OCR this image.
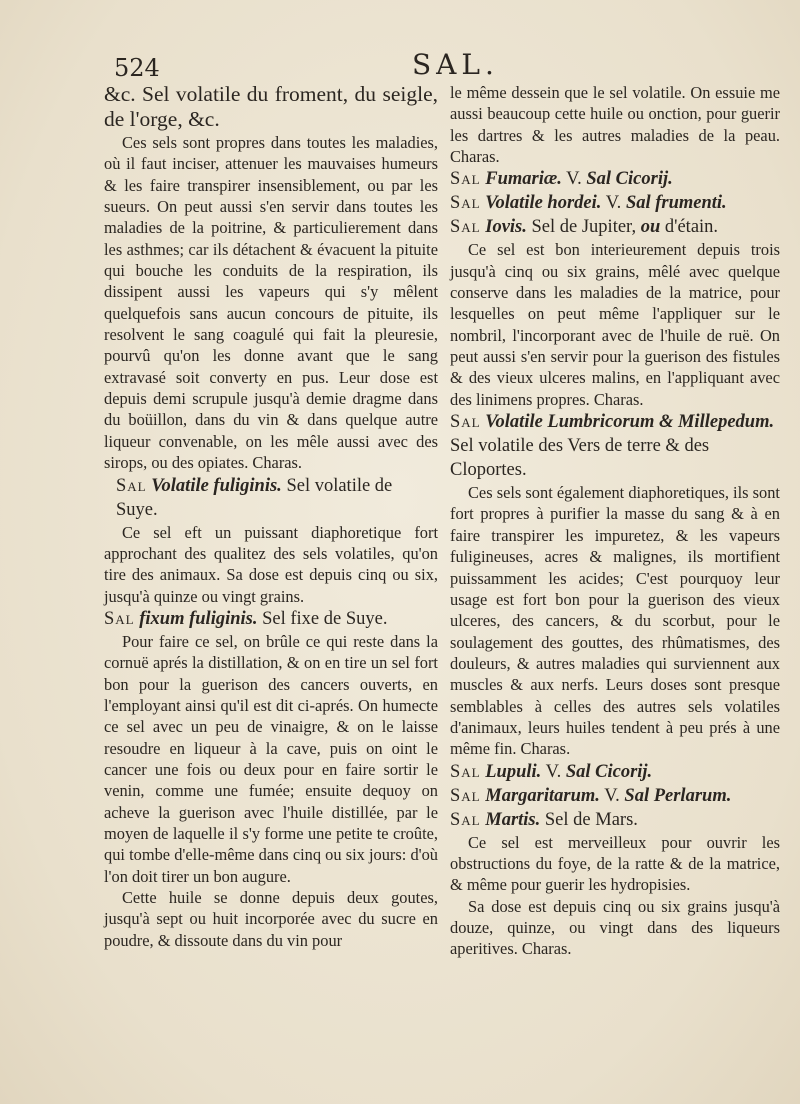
524	SAL.

&c. Sel volatile du froment, du seigle, de l'orge, &c.

Ces sels sont propres dans toutes les maladies, où il faut inciser, attenuer les mauvaises humeurs & les faire transpirer insensiblement, ou par les sueurs. On peut aussi s'en servir dans toutes les maladies de la poitrine, & particulierement dans les asthmes; car ils détachent & évacuent la pituite qui bouche les conduits de la respiration, ils dissipent aussi les vapeurs qui s'y mêlent quelquefois sans aucun concours de pituite, ils resolvent le sang coagulé qui fait la pleuresie, pourvû qu'on les donne avant que le sang extravasé soit converty en pus. Leur dose est depuis demi scrupule jusqu'à demie dragme dans du boüillon, dans du vin & dans quelque autre liqueur convenable, on les mêle aussi avec des sirops, ou des opiates. Charas.

Sal Volatile fuliginis. Sel volatile de Suye.

Ce sel eft un puissant diaphoretique fort approchant des qualitez des sels volatiles, qu'on tire des animaux. Sa dose est depuis cinq ou six, jusqu'à quinze ou vingt grains.

Sal fixum fuliginis. Sel fixe de Suye.

Pour faire ce sel, on brûle ce qui reste dans la cornuë aprés la distillation, & on en tire un sel fort bon pour la guerison des cancers ouverts, en l'employant ainsi qu'il est dit ci-aprés. On humecte ce sel avec un peu de vinaigre, & on le laisse resoudre en liqueur à la cave, puis on oint le cancer une fois ou deux pour en faire sortir le venin, comme une fumée; ensuite dequoy on acheve la guerison avec l'huile distillée, par le moyen de laquelle il s'y forme une petite te croûte, qui tombe d'elle-même dans cinq ou six jours: d'où l'on doit tirer un bon augure.

Cette huile se donne depuis deux goutes, jusqu'à sept ou huit incorporée avec du sucre en poudre, & dissoute dans du vin pour

le même dessein que le sel volatile. On essuie me aussi beaucoup cette huile ou onction, pour guerir les dartres & les autres maladies de la peau. Charas.

Sal Fumariæ. V. Sal Cicorij.

Sal Volatile hordei. V. Sal frumenti.

Sal Iovis. Sel de Jupiter, ou d'étain.

Ce sel est bon interieurement depuis trois jusqu'à cinq ou six grains, mêlé avec quelque conserve dans les maladies de la matrice, pour lesquelles on peut même l'appliquer sur le nombril, l'incorporant avec de l'huile de ruë. On peut aussi s'en servir pour la guerison des fistules & des vieux ulceres malins, en l'appliquant avec des linimens propres. Charas.

Sal Volatile Lumbricorum & Millepedum. Sel volatile des Vers de terre & des Cloportes.

Ces sels sont également diaphoretiques, ils sont fort propres à purifier la masse du sang & à en faire transpirer les impuretez, & les vapeurs fuligineuses, acres & malignes, ils mortifient puissamment les acides; C'est pourquoy leur usage est fort bon pour la guerison des vieux ulceres, des cancers, & du scorbut, pour le soulagement des gouttes, des rhûmatismes, des douleurs, & autres maladies qui surviennent aux muscles & aux nerfs. Leurs doses sont presque semblables à celles des autres sels volatiles d'animaux, leurs huiles tendent à peu prés à une même fin. Charas.

Sal Lupuli. V. Sal Cicorij.

Sal Margaritarum. V. Sal Perlarum.

Sal Martis. Sel de Mars.

Ce sel est merveilleux pour ouvrir les obstructions du foye, de la ratte & de la matrice, & même pour guerir les hydropisies.

Sa dose est depuis cinq ou six grains jusqu'à douze, quinze, ou vingt dans des liqueurs aperitives. Charas.
